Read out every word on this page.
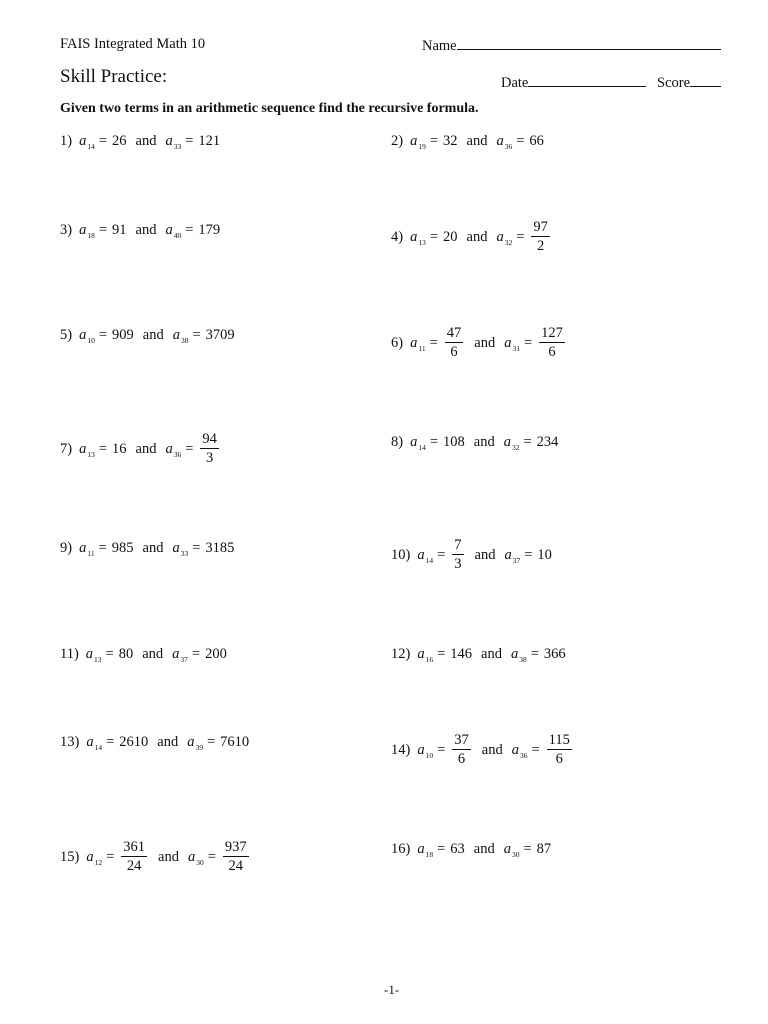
FAIS Integrated Math 10	Name
Skill Practice:	Date	Score
Given two terms in an arithmetic sequence find the recursive formula.
1) a 14 = 26 and a 33 = 121	2) a 19 = 32 and a 36 = 66
3) a 18 = 91 and a 40 = 179	4) a 13 = 20 and a $32 = \frac{97}{2}$
5) a 10 = 909 and a 38 = 3709	6) a $11 = \frac{47}{6}$ and a $31 = \frac{127}{6}$
7) a 13 = 16 and a $36 = \frac{94}{3}$	8) a 14 = 108 and a 32 = 234
9) a 11 = 985 and a 33 = 3185	10) a $14 = \frac{7}{3}$ and a 37 = 10
11) a 13 = 80 and a 37 = 200	12) a 16 = 146 and a 38 = 366
13) a 14 = 2610 and a 39 = 7610	14) a $10 = \frac{37}{6}$ and a $36 = \frac{115}{6}$
15) a $12 = \frac{361}{24}$ and a $30 = \frac{937}{24}$	16) a 18 = 63 and a 30 = 87
-1-
